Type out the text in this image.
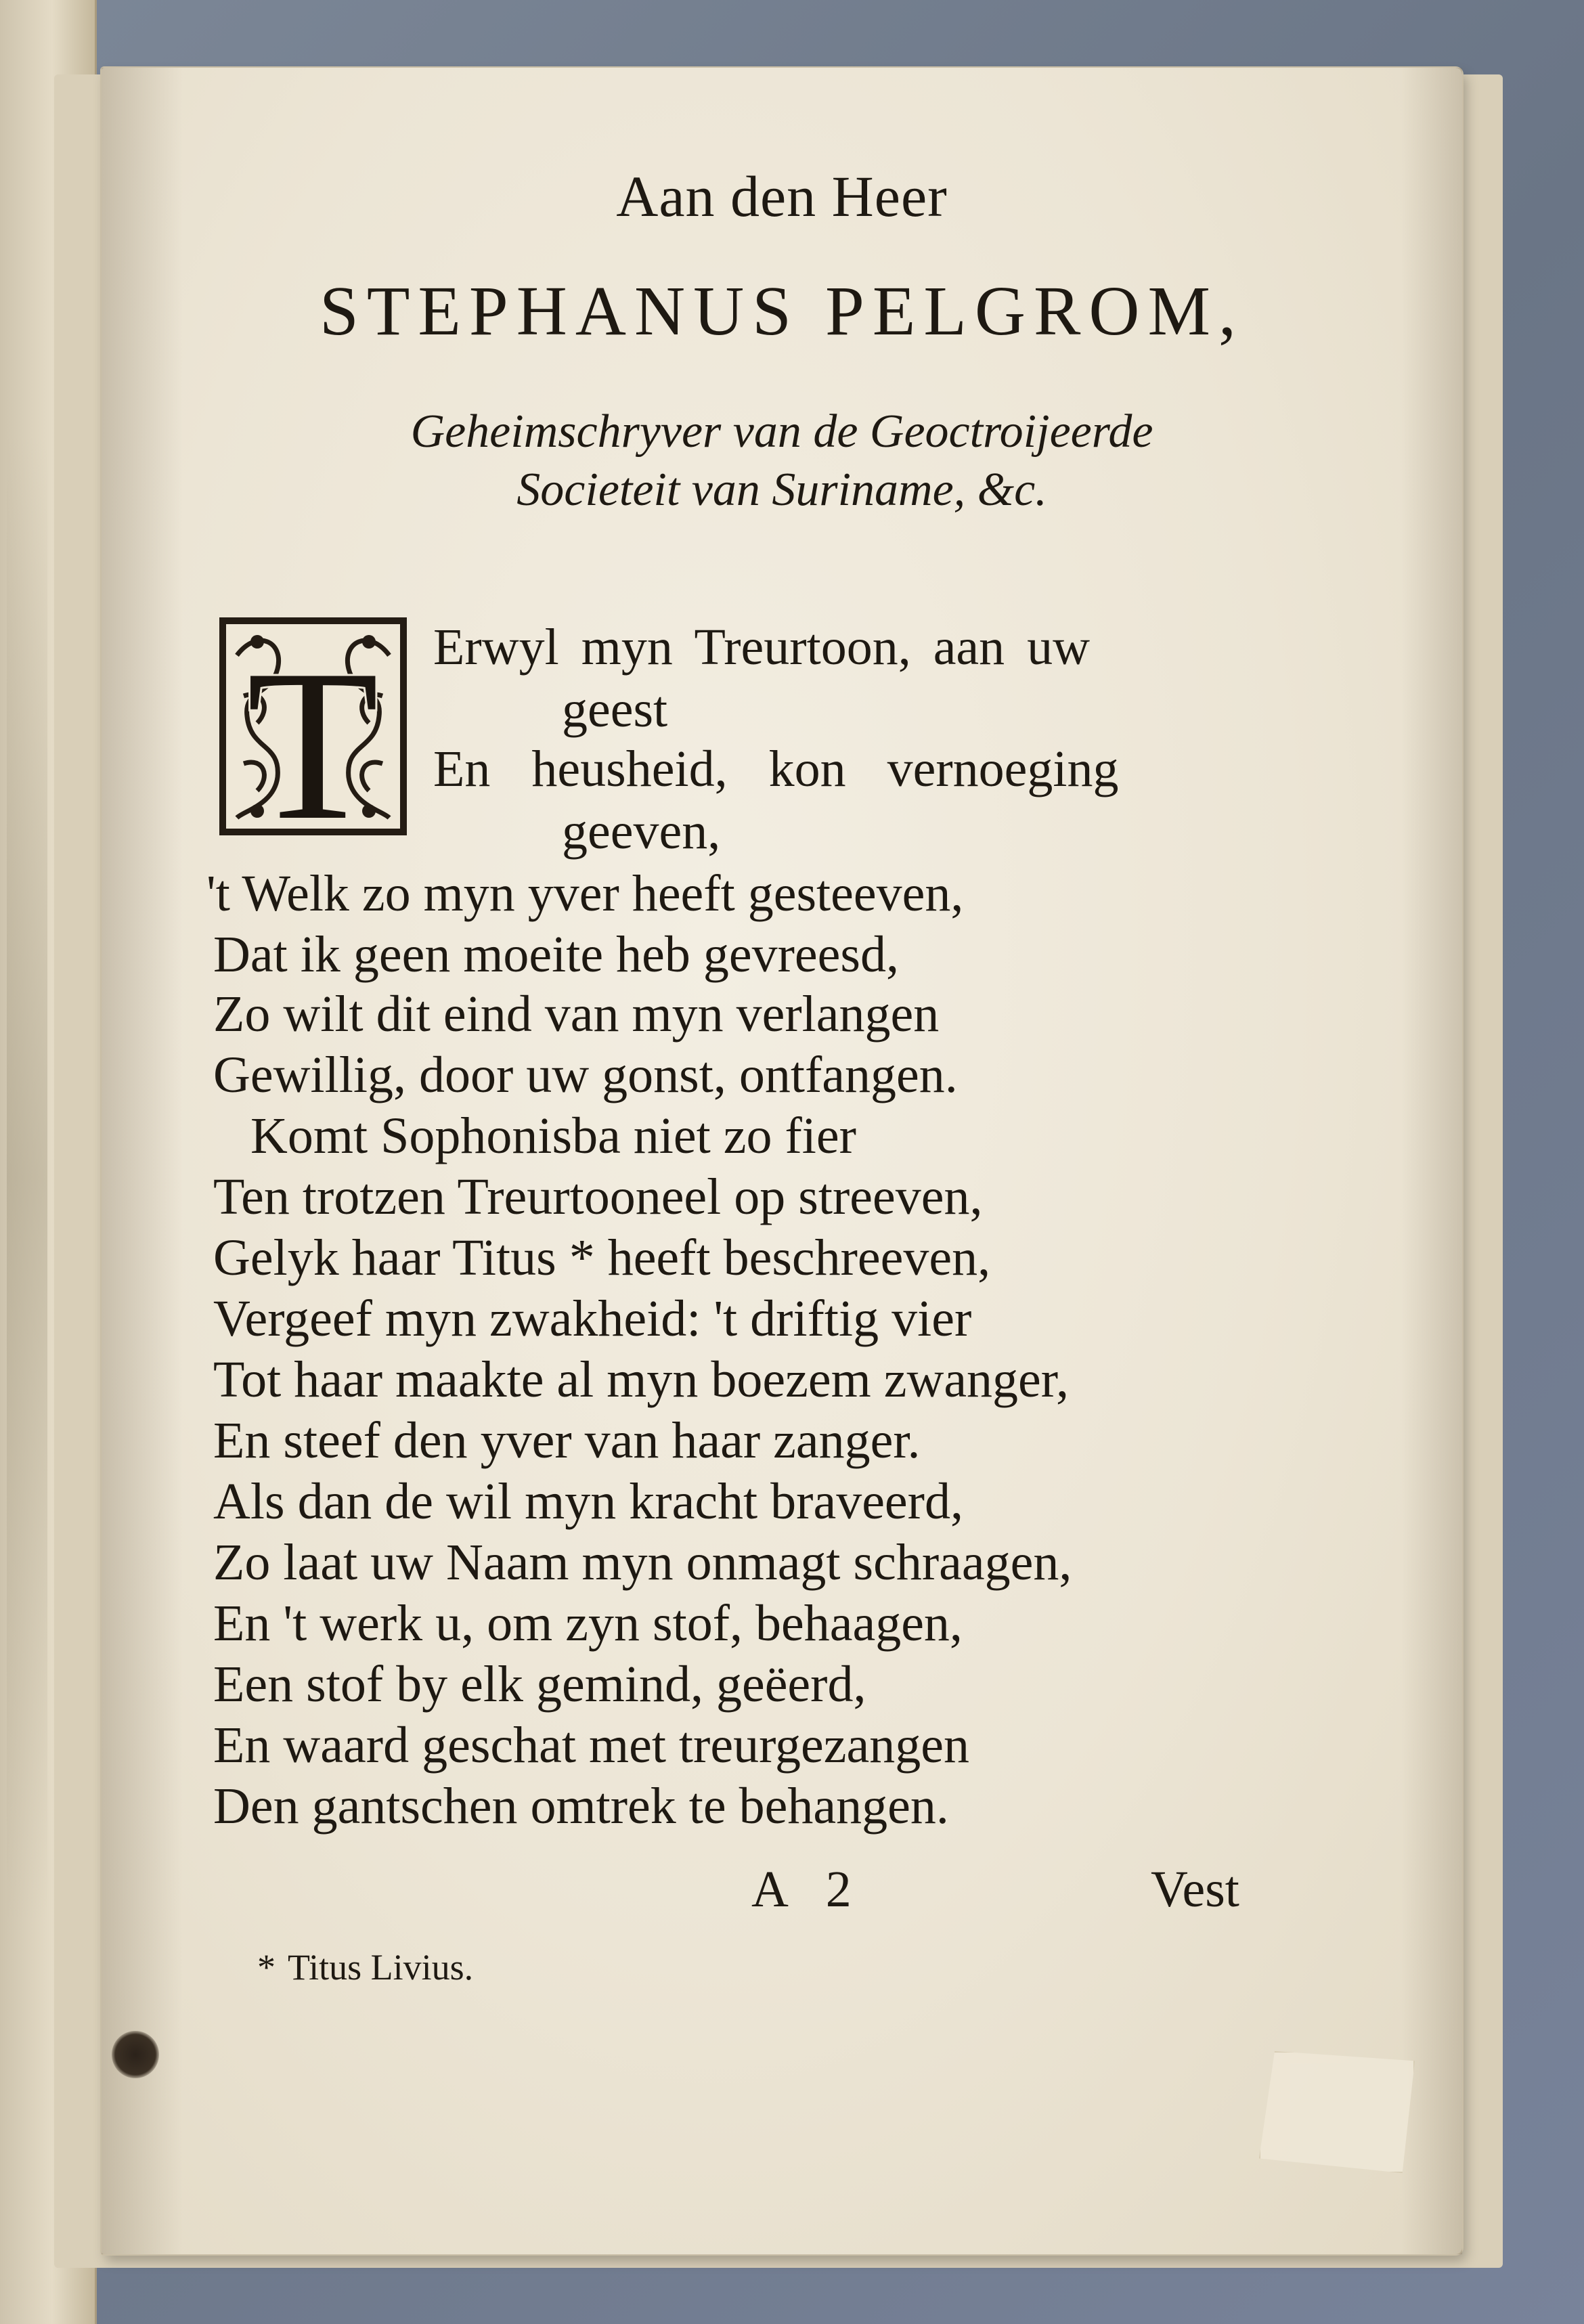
Aan den Heer
STEPHANUS PELGROM,
Geheimschryver van de Geoctroijeerde
Societeit van Suriname, &c.
T Erwyl myn Treurtoon, aan uw
geest
En heusheid, kon vernoeging
geeven,
't Welk zo myn yver heeft gesteeven,
Dat ik geen moeite heb gevreesd,
Zo wilt dit eind van myn verlangen
Gewillig, door uw gonst, ontfangen.
Komt Sophonisba niet zo fier
Ten trotzen Treurtooneel op streeven,
Gelyk haar Titus * heeft beschreeven,
Vergeef myn zwakheid: 't driftig vier
Tot haar maakte al myn boezem zwanger,
En steef den yver van haar zanger.
Als dan de wil myn kracht braveerd,
Zo laat uw Naam myn onmagt schraagen,
En 't werk u, om zyn stof, behaagen,
Een stof by elk gemind, geëerd,
En waard geschat met treurgezangen
Den gantschen omtrek te behangen.
A 2	Vest
* Titus Livius.
